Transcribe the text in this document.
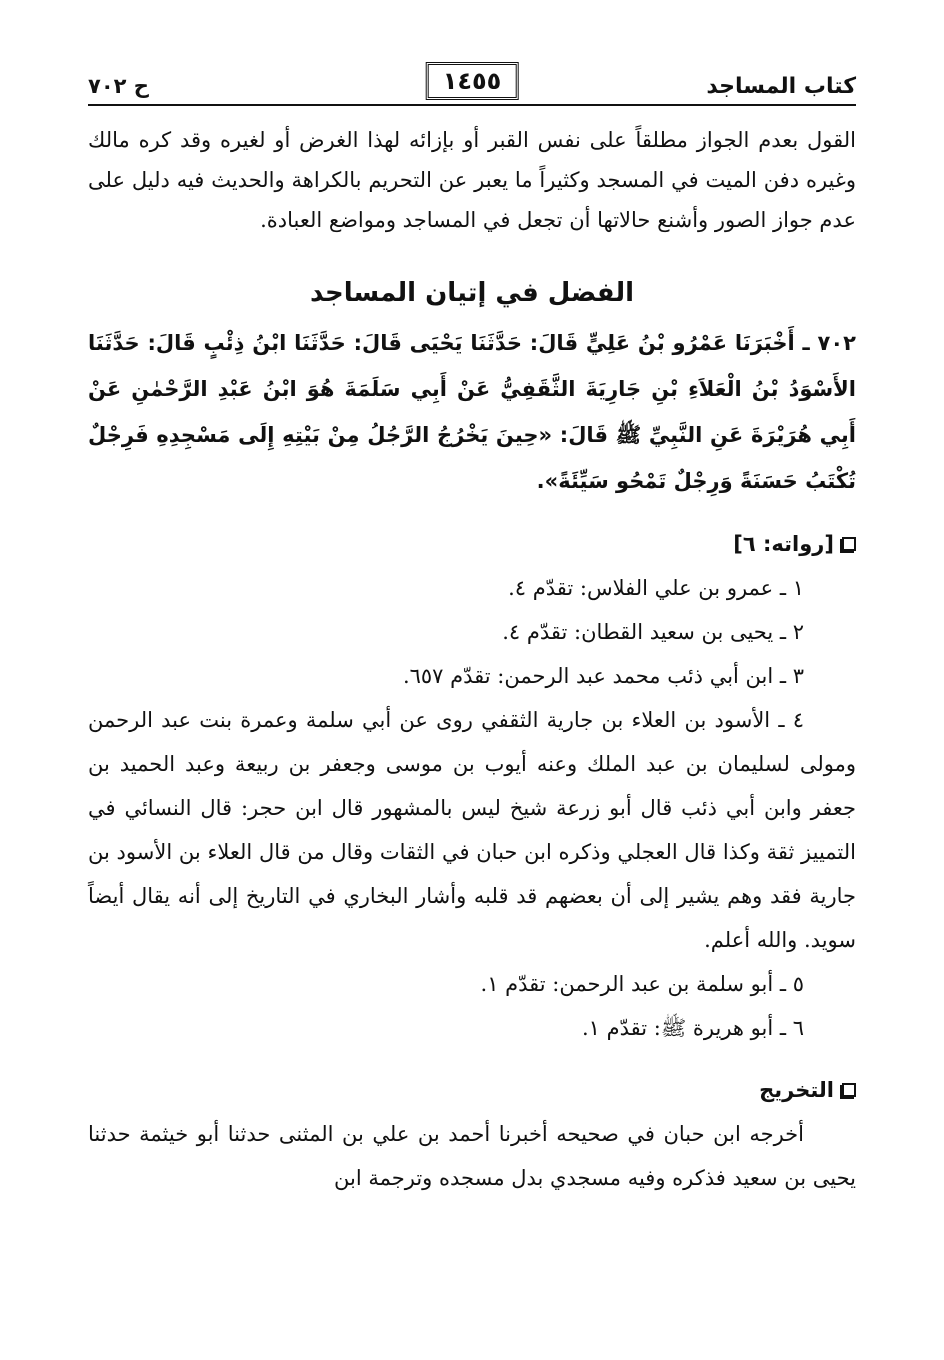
كتاب المساجد
١٤٥٥
ح ٧٠٢

القول بعدم الجواز مطلقاً على نفس القبر أو بإزائه لهذا الغرض أو لغيره وقد كره مالك وغيره دفن الميت في المسجد وكثيراً ما يعبر عن التحريم بالكراهة والحديث فيه دليل على عدم جواز الصور وأشنع حالاتها أن تجعل في المساجد ومواضع العبادة.

الفضل في إتيان المساجد

٧٠٢ ـ أَخْبَرَنَا عَمْرُو بْنُ عَلِيٍّ قَالَ: حَدَّثَنَا يَحْيَى قَالَ: حَدَّثَنَا ابْنُ ذِئْبٍ قَالَ: حَدَّثَنَا الأَسْوَدُ بْنُ الْعَلاَءِ بْنِ جَارِيَةَ الثَّقَفِيُّ عَنْ أَبِي سَلَمَةَ هُوَ ابْنُ عَبْدِ الرَّحْمٰنِ عَنْ أَبِي هُرَيْرَةَ عَنِ النَّبِيِّ ﷺ قَالَ: «حِينَ يَخْرُجُ الرَّجُلُ مِنْ بَيْتِهِ إِلَى مَسْجِدِهِ فَرِجْلٌ تُكْتَبُ حَسَنَةً وَرِجْلٌ تَمْحُو سَيِّئَةً».

[رواته: ٦]

١ ـ عمرو بن علي الفلاس: تقدّم ٤.

٢ ـ يحيى بن سعيد القطان: تقدّم ٤.

٣ ـ ابن أبي ذئب محمد عبد الرحمن: تقدّم ٦٥٧.

٤ ـ الأسود بن العلاء بن جارية الثقفي روى عن أبي سلمة وعمرة بنت عبد الرحمن ومولى لسليمان بن عبد الملك وعنه أيوب بن موسى وجعفر بن ربيعة وعبد الحميد بن جعفر وابن أبي ذئب قال أبو زرعة شيخ ليس بالمشهور قال ابن حجر: قال النسائي في التمييز ثقة وكذا قال العجلي وذكره ابن حبان في الثقات وقال من قال العلاء بن الأسود بن جارية فقد وهم يشير إلى أن بعضهم قد قلبه وأشار البخاري في التاريخ إلى أنه يقال أيضاً سويد. والله أعلم.

٥ ـ أبو سلمة بن عبد الرحمن: تقدّم ١.

٦ ـ أبو هريرة ﷺ: تقدّم ١.

التخريج

أخرجه ابن حبان في صحيحه أخبرنا أحمد بن علي بن المثنى حدثنا أبو خيثمة حدثنا يحيى بن سعيد فذكره وفيه مسجدي بدل مسجده وترجمة ابن
